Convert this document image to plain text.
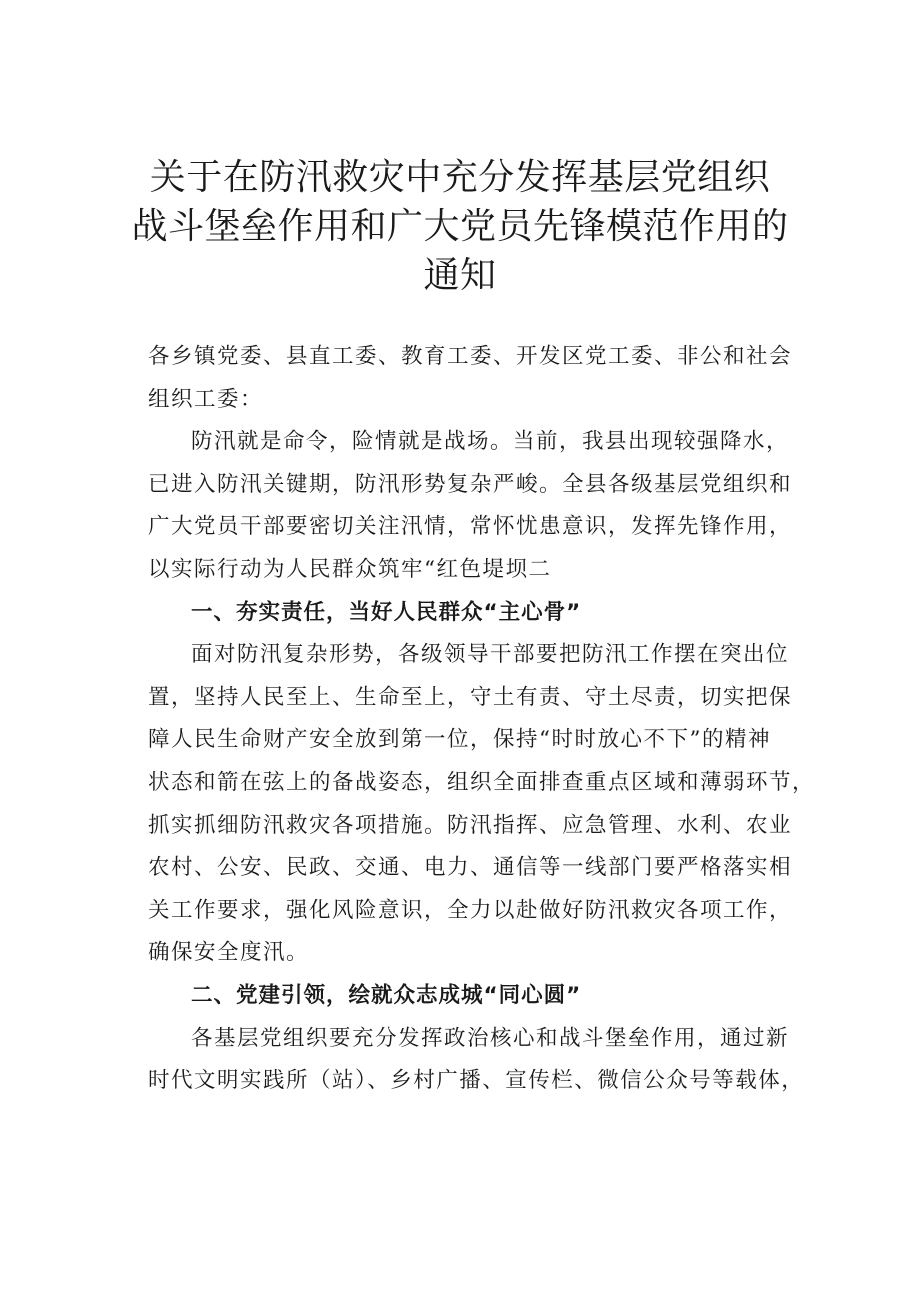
关于在防汛救灾中充分发挥基层党组织
战斗堡垒作用和广大党员先锋模范作用的
通知

各乡镇党委、县直工委、教育工委、开发区党工委、非公和社会
组织工委：

防汛就是命令，险情就是战场。当前，我县出现较强降水，
已进入防汛关键期，防汛形势复杂严峻。全县各级基层党组织和
广大党员干部要密切关注汛情，常怀忧患意识，发挥先锋作用，
以实际行动为人民群众筑牢“红色堤坝二

一、夯实责任，当好人民群众“主心骨”

面对防汛复杂形势，各级领导干部要把防汛工作摆在突出位
置，坚持人民至上、生命至上，守土有责、守土尽责，切实把保
障人民生命财产安全放到第一位，保持“时时放心不下”的精神
状态和箭在弦上的备战姿态，组织全面排查重点区域和薄弱环节，
抓实抓细防汛救灾各项措施。防汛指挥、应急管理、水利、农业
农村、公安、民政、交通、电力、通信等一线部门要严格落实相
关工作要求，强化风险意识，全力以赴做好防汛救灾各项工作，
确保安全度汛。

二、党建引领，绘就众志成城“同心圆”

各基层党组织要充分发挥政治核心和战斗堡垒作用，通过新
时代文明实践所（站）、乡村广播、宣传栏、微信公众号等载体，
